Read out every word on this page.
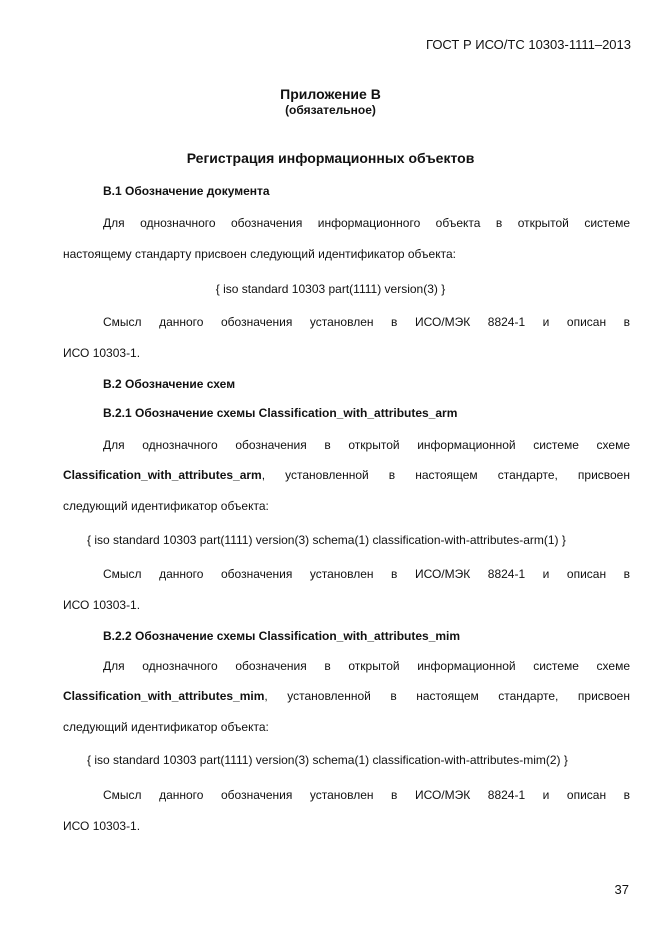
ГОСТ Р ИСО/ТС 10303-1111–2013

Приложение В

(обязательное)

Регистрация информационных объектов

В.1 Обозначение документа

Для однозначного обозначения информационного объекта в открытой системе

настоящему стандарту присвоен следующий идентификатор объекта:

{ iso standard 10303 part(1111) version(3) }

Смысл данного обозначения установлен в ИСО/МЭК 8824-1 и описан в

ИСО 10303-1.

В.2 Обозначение схем

В.2.1 Обозначение схемы Classification_with_attributes_arm

Для однозначного обозначения в открытой информационной системе схеме

Classification_with_attributes_arm, установленной в настоящем стандарте, присвоен

следующий идентификатор объекта:

{ iso standard 10303 part(1111) version(3) schema(1) classification-with-attributes-arm(1) }

Смысл данного обозначения установлен в ИСО/МЭК 8824-1 и описан в

ИСО 10303-1.

В.2.2 Обозначение схемы Classification_with_attributes_mim

Для однозначного обозначения в открытой информационной системе схеме

Classification_with_attributes_mim, установленной в настоящем стандарте, присвоен

следующий идентификатор объекта:

{ iso standard 10303 part(1111) version(3) schema(1) classification-with-attributes-mim(2) }

Смысл данного обозначения установлен в ИСО/МЭК 8824-1 и описан в

ИСО 10303-1.

37
